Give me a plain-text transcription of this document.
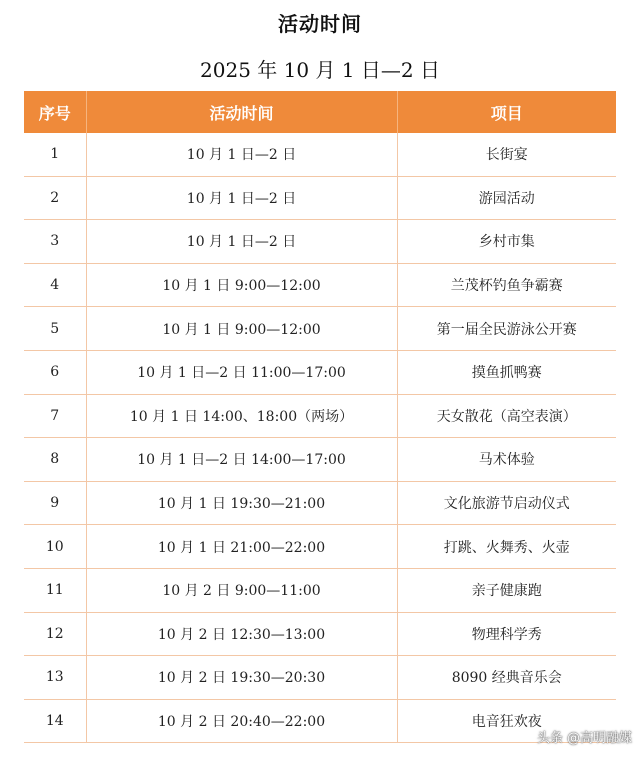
活动时间
2025 年 10 月 1 日—2 日
序号	活动时间	项目
1	10 月 1 日—2 日	长街宴
2	10 月 1 日—2 日	游园活动
3	10 月 1 日—2 日	乡村市集
4	10 月 1 日 9:00—12:00	兰茂杯钓鱼争霸赛
5	10 月 1 日 9:00—12:00	第一届全民游泳公开赛
6	10 月 1 日—2 日 11:00—17:00	摸鱼抓鸭赛
7	10 月 1 日 14:00、18:00（两场）	天女散花（高空表演）
8	10 月 1 日—2 日 14:00—17:00	马术体验
9	10 月 1 日 19:30—21:00	文化旅游节启动仪式
10	10 月 1 日 21:00—22:00	打跳、火舞秀、火壶
11	10 月 2 日 9:00—11:00	亲子健康跑
12	10 月 2 日 12:30—13:00	物理科学秀
13	10 月 2 日 19:30—20:30	8090 经典音乐会
14	10 月 2 日 20:40—22:00	电音狂欢夜
头条 @高明融媒
